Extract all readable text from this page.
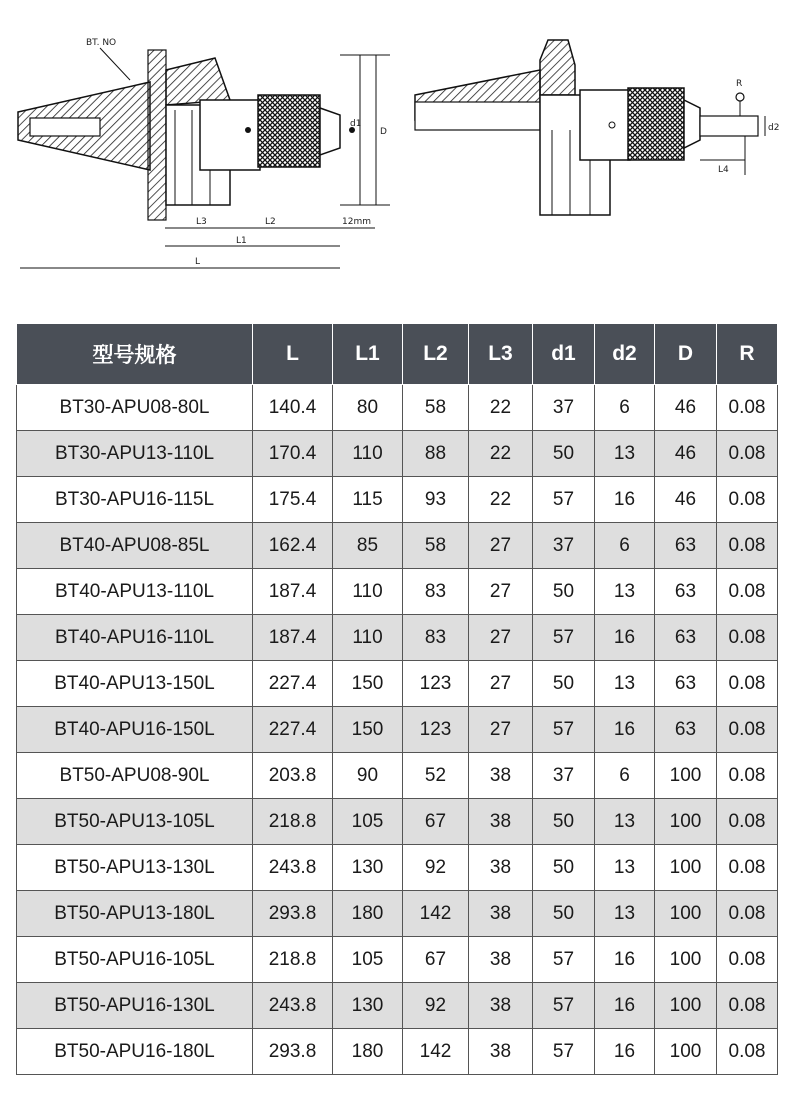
BT. NO
D
d1
L
L1
L2
L3	12mm
R
d2
L4
型号规格	L	L1	L2	L3	d1	d2	D	R
BT30-APU08-80L	140.4	80	58	22	37	6	46	0.08
BT30-APU13-110L	170.4	110	88	22	50	13	46	0.08
BT30-APU16-115L	175.4	115	93	22	57	16	46	0.08
BT40-APU08-85L	162.4	85	58	27	37	6	63	0.08
BT40-APU13-110L	187.4	110	83	27	50	13	63	0.08
BT40-APU16-110L	187.4	110	83	27	57	16	63	0.08
BT40-APU13-150L	227.4	150	123	27	50	13	63	0.08
BT40-APU16-150L	227.4	150	123	27	57	16	63	0.08
BT50-APU08-90L	203.8	90	52	38	37	6	100	0.08
BT50-APU13-105L	218.8	105	67	38	50	13	100	0.08
BT50-APU13-130L	243.8	130	92	38	50	13	100	0.08
BT50-APU13-180L	293.8	180	142	38	50	13	100	0.08
BT50-APU16-105L	218.8	105	67	38	57	16	100	0.08
BT50-APU16-130L	243.8	130	92	38	57	16	100	0.08
BT50-APU16-180L	293.8	180	142	38	57	16	100	0.08
